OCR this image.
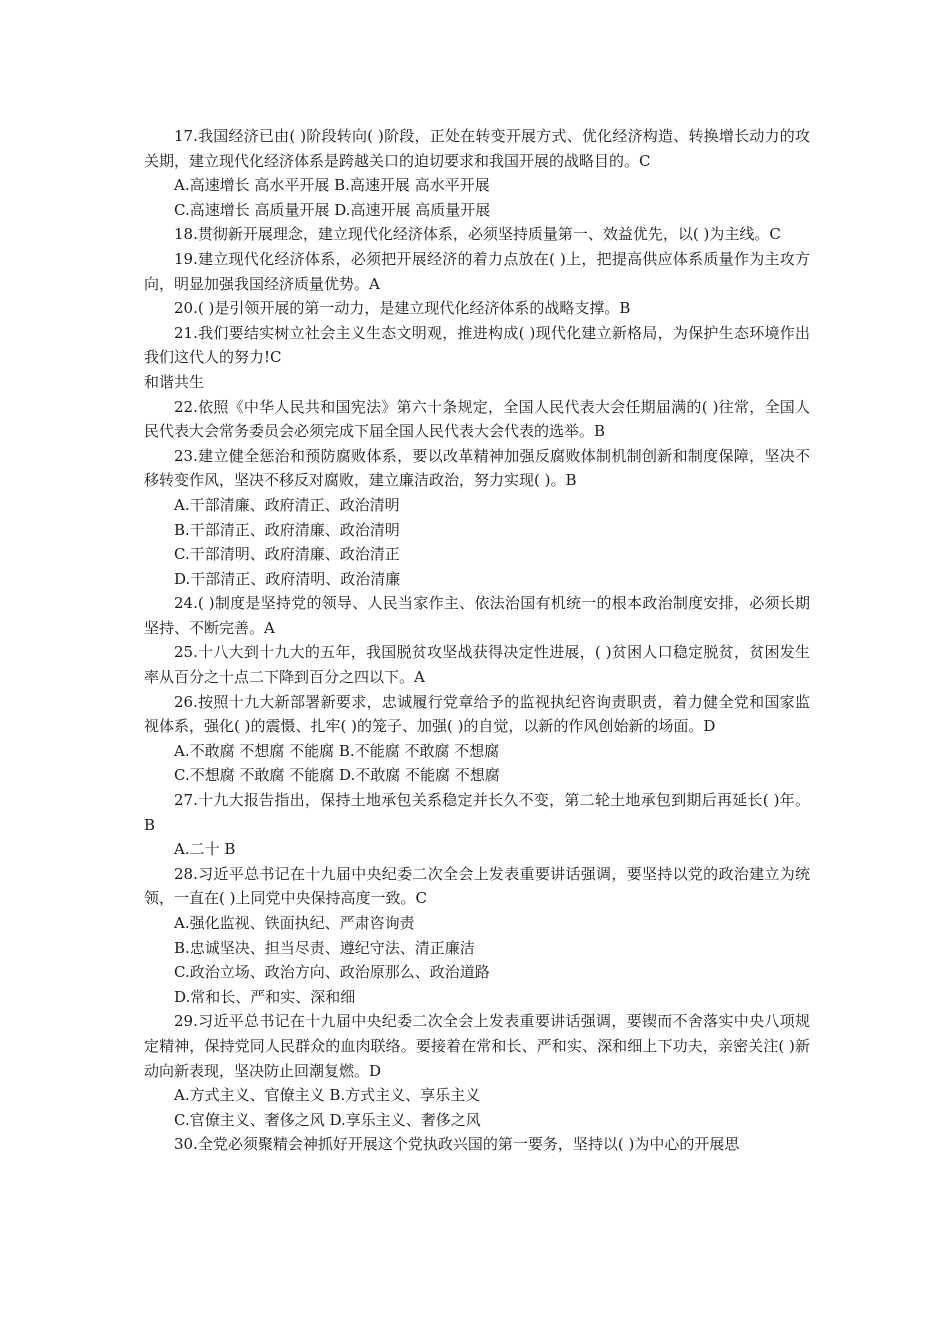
17.我国经济已由( )阶段转向( )阶段，正处在转变开展方式、优化经济构造、转换增长动力的攻关期，建立现代化经济体系是跨越关口的迫切要求和我国开展的战略目的。C

A.高速增长 高水平开展 B.高速开展 高水平开展

C.高速增长 高质量开展 D.高速开展 高质量开展

18.贯彻新开展理念，建立现代化经济体系，必须坚持质量第一、效益优先，以( )为主线。C

19.建立现代化经济体系，必须把开展经济的着力点放在( )上，把提高供应体系质量作为主攻方向，明显加强我国经济质量优势。A

20.( )是引领开展的第一动力，是建立现代化经济体系的战略支撑。B

21.我们要结实树立社会主义生态文明观，推进构成( )现代化建立新格局，为保护生态环境作出我们这代人的努力!C

和谐共生

22.依照《中华人民共和国宪法》第六十条规定，全国人民代表大会任期届满的( )往常，全国人民代表大会常务委员会必须完成下届全国人民代表大会代表的选举。B

23.建立健全惩治和预防腐败体系，要以改革精神加强反腐败体制机制创新和制度保障，坚决不移转变作风，坚决不移反对腐败，建立廉洁政治，努力实现( )。B

A.干部清廉、政府清正、政治清明

B.干部清正、政府清廉、政治清明

C.干部清明、政府清廉、政治清正

D.干部清正、政府清明、政治清廉

24.( )制度是坚持党的领导、人民当家作主、依法治国有机统一的根本政治制度安排，必须长期坚持、不断完善。A

25.十八大到十九大的五年，我国脱贫攻坚战获得决定性进展，( )贫困人口稳定脱贫，贫困发生率从百分之十点二下降到百分之四以下。A

26.按照十九大新部署新要求，忠诚履行党章给予的监视执纪咨询责职责，着力健全党和国家监视体系，强化( )的震慑、扎牢( )的笼子、加强( )的自觉，以新的作风创始新的场面。D

A.不敢腐 不想腐 不能腐 B.不能腐 不敢腐 不想腐

C.不想腐 不敢腐 不能腐 D.不敢腐 不能腐 不想腐

27.十九大报告指出，保持土地承包关系稳定并长久不变，第二轮土地承包到期后再延长( )年。B

A.二十 B

28.习近平总书记在十九届中央纪委二次全会上发表重要讲话强调，要坚持以党的政治建立为统领，一直在( )上同党中央保持高度一致。C

A.强化监视、铁面执纪、严肃咨询责

B.忠诚坚决、担当尽责、遵纪守法、清正廉洁

C.政治立场、政治方向、政治原那么、政治道路

D.常和长、严和实、深和细

29.习近平总书记在十九届中央纪委二次全会上发表重要讲话强调，要锲而不舍落实中央八项规定精神，保持党同人民群众的血肉联络。要接着在常和长、严和实、深和细上下功夫，亲密关注( )新动向新表现，坚决防止回潮复燃。D

A.方式主义、官僚主义 B.方式主义、享乐主义

C.官僚主义、奢侈之风 D.享乐主义、奢侈之风

30.全党必须聚精会神抓好开展这个党执政兴国的第一要务，坚持以( )为中心的开展思
